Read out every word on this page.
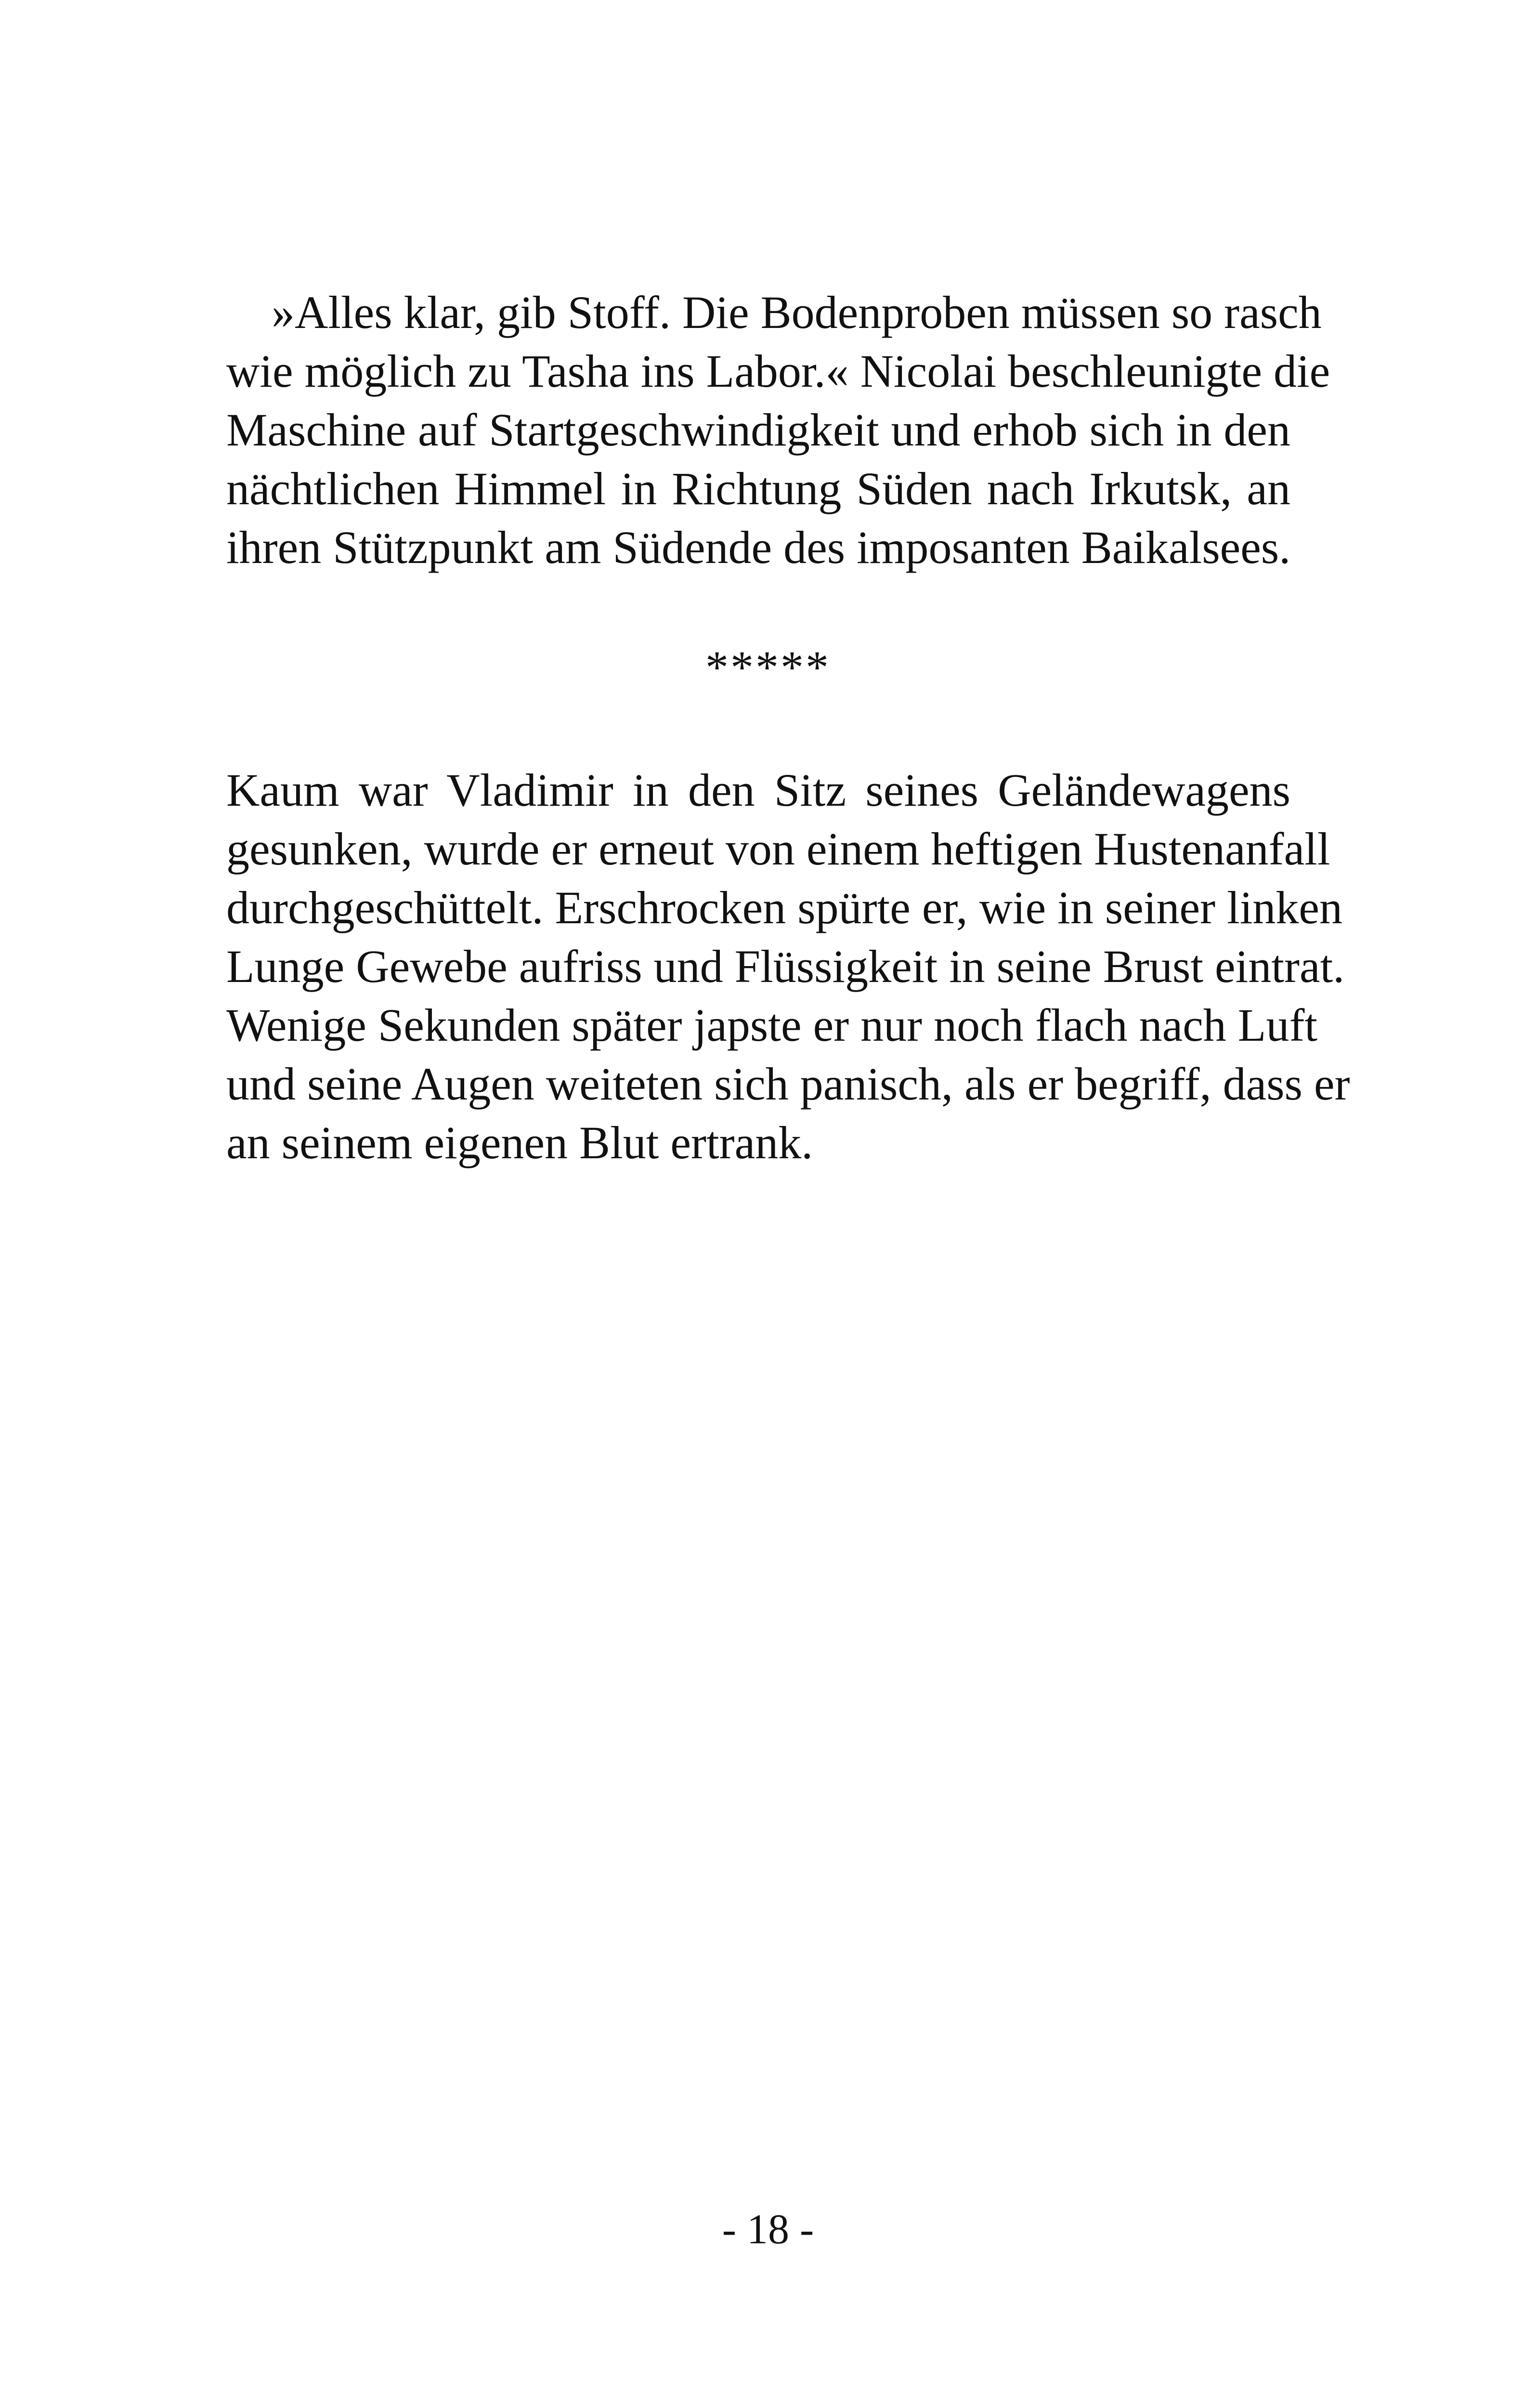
»Alles klar, gib Stoff. Die Bodenproben müssen so rasch
wie möglich zu Tasha ins Labor.« Nicolai beschleunigte die
Maschine auf Startgeschwindigkeit und erhob sich in den
nächtlichen Himmel in Richtung Süden nach Irkutsk, an
ihren Stützpunkt am Südende des imposanten Baikalsees.
*****
Kaum war Vladimir in den Sitz seines Geländewagens
gesunken, wurde er erneut von einem heftigen Hustenanfall
durchgeschüttelt. Erschrocken spürte er, wie in seiner linken
Lunge Gewebe aufriss und Flüssigkeit in seine Brust eintrat.
Wenige Sekunden später japste er nur noch flach nach Luft
und seine Augen weiteten sich panisch, als er begriff, dass er
an seinem eigenen Blut ertrank.
- 18 -
